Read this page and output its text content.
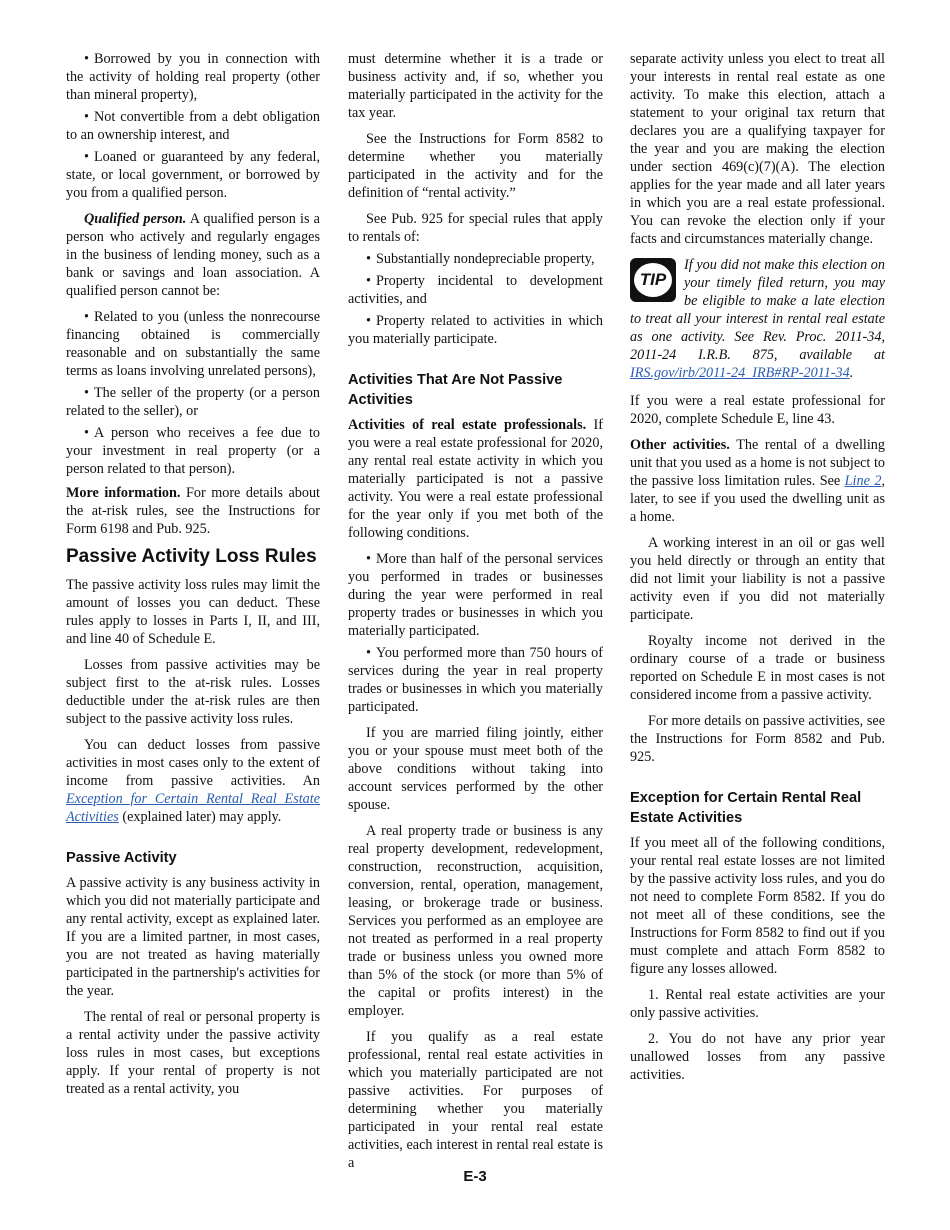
• Borrowed by you in connection with the activity of holding real property (other than mineral property),

• Not convertible from a debt obligation to an ownership interest, and

• Loaned or guaranteed by any federal, state, or local government, or borrowed by you from a qualified person.

Qualified person. A qualified person is a person who actively and regularly engages in the business of lending money, such as a bank or savings and loan association. A qualified person cannot be:

• Related to you (unless the nonrecourse financing obtained is commercially reasonable and on substantially the same terms as loans involving unrelated persons),

• The seller of the property (or a person related to the seller), or

• A person who receives a fee due to your investment in real property (or a person related to that person).

More information. For more details about the at-risk rules, see the Instructions for Form 6198 and Pub. 925.

Passive Activity Loss Rules

The passive activity loss rules may limit the amount of losses you can deduct. These rules apply to losses in Parts I, II, and III, and line 40 of Schedule E.

Losses from passive activities may be subject first to the at-risk rules. Losses deductible under the at-risk rules are then subject to the passive activity loss rules.

You can deduct losses from passive activities in most cases only to the extent of income from passive activities. An Exception for Certain Rental Real Estate Activities (explained later) may apply.

Passive Activity

A passive activity is any business activity in which you did not materially participate and any rental activity, except as explained later. If you are a limited partner, in most cases, you are not treated as having materially participated in the partnership's activities for the year.

The rental of real or personal property is a rental activity under the passive activity loss rules in most cases, but exceptions apply. If your rental of property is not treated as a rental activity, you

must determine whether it is a trade or business activity and, if so, whether you materially participated in the activity for the tax year.

See the Instructions for Form 8582 to determine whether you materially participated in the activity and for the definition of “rental activity.”

See Pub. 925 for special rules that apply to rentals of:

• Substantially nondepreciable property,

• Property incidental to development activities, and

• Property related to activities in which you materially participate.

Activities That Are Not Passive Activities

Activities of real estate professionals. If you were a real estate professional for 2020, any rental real estate activity in which you materially participated is not a passive activity. You were a real estate professional for the year only if you met both of the following conditions.

• More than half of the personal services you performed in trades or businesses during the year were performed in real property trades or businesses in which you materially participated.

• You performed more than 750 hours of services during the year in real property trades or businesses in which you materially participated.

If you are married filing jointly, either you or your spouse must meet both of the above conditions without taking into account services performed by the other spouse.

A real property trade or business is any real property development, redevelopment, construction, reconstruction, acquisition, conversion, rental, operation, management, leasing, or brokerage trade or business. Services you performed as an employee are not treated as performed in a real property trade or business unless you owned more than 5% of the stock (or more than 5% of the capital or profits interest) in the employer.

If you qualify as a real estate professional, rental real estate activities in which you materially participated are not passive activities. For purposes of determining whether you materially participated in your rental real estate activities, each interest in rental real estate is a

separate activity unless you elect to treat all your interests in rental real estate as one activity. To make this election, attach a statement to your original tax return that declares you are a qualifying taxpayer for the year and you are making the election under section 469(c)(7)(A). The election applies for the year made and all later years in which you are a real estate professional. You can revoke the election only if your facts and circumstances materially change.

TIP
If you did not make this election on your timely filed return, you may be eligible to make a late election to treat all your interest in rental real estate as one activity. See Rev. Proc. 2011-34, 2011-24 I.R.B. 875, available at IRS.gov/irb/2011-24_IRB#RP-2011-34.

If you were a real estate professional for 2020, complete Schedule E, line 43.

Other activities. The rental of a dwelling unit that you used as a home is not subject to the passive loss limitation rules. See Line 2, later, to see if you used the dwelling unit as a home.

A working interest in an oil or gas well you held directly or through an entity that did not limit your liability is not a passive activity even if you did not materially participate.

Royalty income not derived in the ordinary course of a trade or business reported on Schedule E in most cases is not considered income from a passive activity.

For more details on passive activities, see the Instructions for Form 8582 and Pub. 925.

Exception for Certain Rental Real Estate Activities

If you meet all of the following conditions, your rental real estate losses are not limited by the passive activity loss rules, and you do not need to complete Form 8582. If you do not meet all of these conditions, see the Instructions for Form 8582 to find out if you must complete and attach Form 8582 to figure any losses allowed.

1. Rental real estate activities are your only passive activities.

2. You do not have any prior year unallowed losses from any passive activities.

E-3
